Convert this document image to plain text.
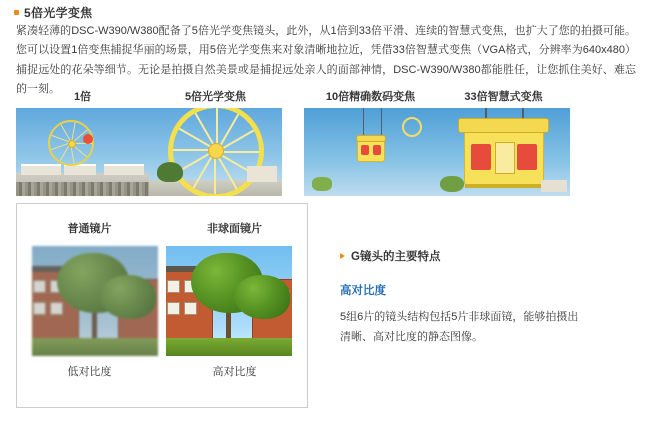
5倍光学变焦
紧凑轻薄的DSC-W390/W380配备了5倍光学变焦镜头，此外，从1倍到33倍平滑、连续的智慧式变焦，也扩大了您的拍摄可能。您可以设置1倍变焦捕捉华丽的场景，用5倍光学变焦来对象清晰地拉近，凭借33倍智慧式变焦（VGA格式，分辨率为640x480）捕捉远处的花朵等细节。无论是拍摄自然美景或是捕捉远处亲人的面部神情，DSC-W390/W380都能胜任，让您抓住美好、难忘的一刻。
1倍	5倍光学变焦	10倍精确数码变焦	33倍智慧式变焦
普通镜片	非球面镜片
低对比度	高对比度
G镜头的主要特点
高对比度
5组6片的镜头结构包括5片非球面镜，能够拍摄出清晰、高对比度的静态图像。
